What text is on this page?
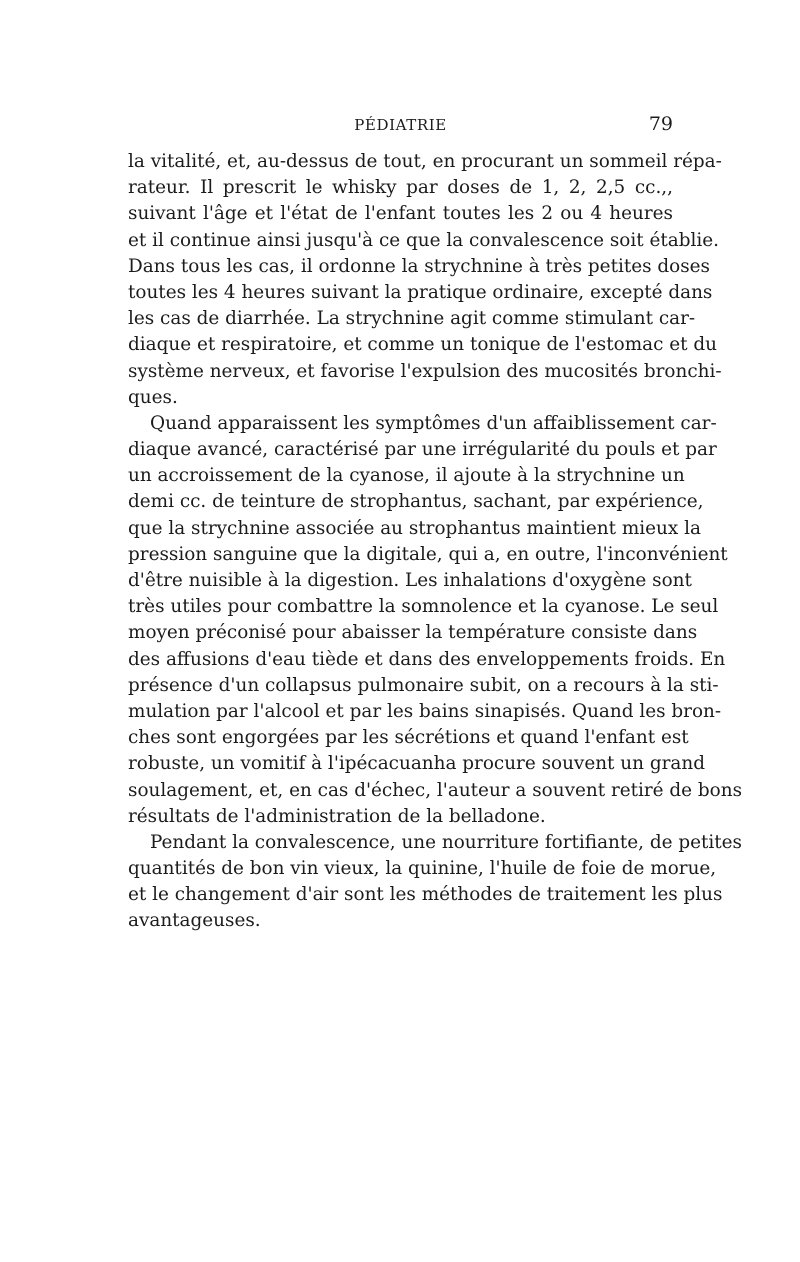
PÉDIATRIE	79
la vitalité, et, au-dessus de tout, en procurant un sommeil répa-
rateur. Il prescrit le whisky par doses de 1, 2, 2,5 cc.,,
suivant l'âge et l'état de l'enfant toutes les 2 ou 4 heures
et il continue ainsi jusqu'à ce que la convalescence soit établie.
Dans tous les cas, il ordonne la strychnine à très petites doses
toutes les 4 heures suivant la pratique ordinaire, excepté dans
les cas de diarrhée. La strychnine agit comme stimulant car-
diaque et respiratoire, et comme un tonique de l'estomac et du
système nerveux, et favorise l'expulsion des mucosités bronchi-
ques.
Quand apparaissent les symptômes d'un affaiblissement car-
diaque avancé, caractérisé par une irrégularité du pouls et par
un accroissement de la cyanose, il ajoute à la strychnine un
demi cc. de teinture de strophantus, sachant, par expérience,
que la strychnine associée au strophantus maintient mieux la
pression sanguine que la digitale, qui a, en outre, l'inconvénient
d'être nuisible à la digestion. Les inhalations d'oxygène sont
très utiles pour combattre la somnolence et la cyanose. Le seul
moyen préconisé pour abaisser la température consiste dans
des affusions d'eau tiède et dans des enveloppements froids. En
présence d'un collapsus pulmonaire subit, on a recours à la sti-
mulation par l'alcool et par les bains sinapisés. Quand les bron-
ches sont engorgées par les sécrétions et quand l'enfant est
robuste, un vomitif à l'ipécacuanha procure souvent un grand
soulagement, et, en cas d'échec, l'auteur a souvent retiré de bons
résultats de l'administration de la belladone.
Pendant la convalescence, une nourriture fortifiante, de petites
quantités de bon vin vieux, la quinine, l'huile de foie de morue,
et le changement d'air sont les méthodes de traitement les plus
avantageuses.
